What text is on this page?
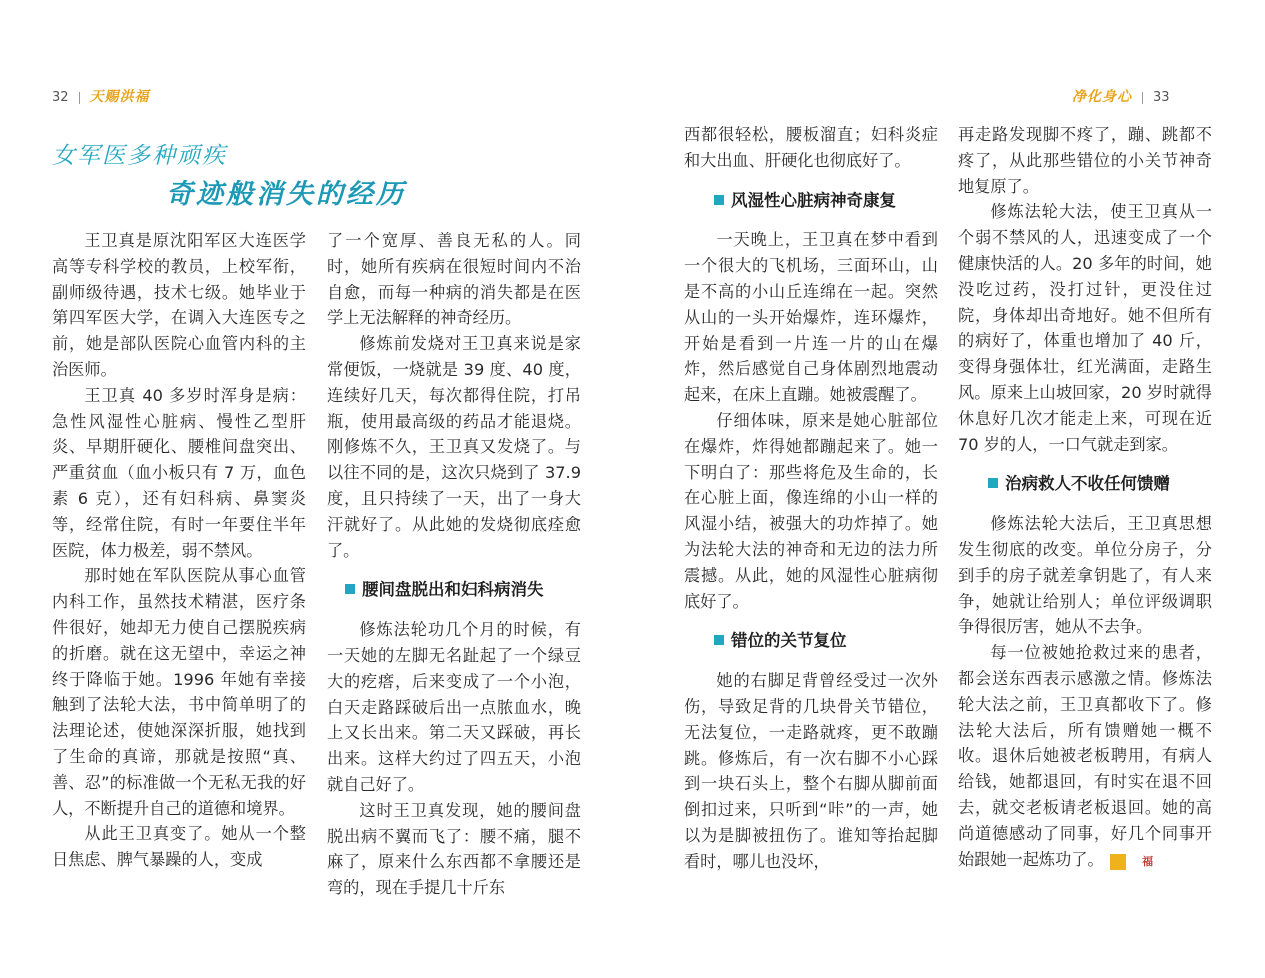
32 天赐洪福	净化身心 33
女军医多种顽疾
奇迹般消失的经历

王卫真是原沈阳军区大连医学高等专科学校的教员，上校军衔，副师级待遇，技术七级。她毕业于第四军医大学，在调入大连医专之前，她是部队医院心血管内科的主治医师。

王卫真 40 多岁时浑身是病：急性风湿性心脏病、慢性乙型肝炎、早期肝硬化、腰椎间盘突出、严重贫血（血小板只有 7 万，血色素 6 克），还有妇科病、鼻窦炎等，经常住院，有时一年要住半年医院，体力极差，弱不禁风。

那时她在军队医院从事心血管内科工作，虽然技术精湛，医疗条件很好，她却无力使自己摆脱疾病的折磨。就在这无望中，幸运之神终于降临于她。1996 年她有幸接触到了法轮大法，书中简单明了的法理论述，使她深深折服，她找到了生命的真谛，那就是按照“真、善、忍”的标准做一个无私无我的好人，不断提升自己的道德和境界。

从此王卫真变了。她从一个整日焦虑、脾气暴躁的人，变成

了一个宽厚、善良无私的人。同时，她所有疾病在很短时间内不治自愈，而每一种病的消失都是在医学上无法解释的神奇经历。

修炼前发烧对王卫真来说是家常便饭，一烧就是 39 度、40 度，连续好几天，每次都得住院，打吊瓶，使用最高级的药品才能退烧。刚修炼不久，王卫真又发烧了。与以往不同的是，这次只烧到了 37.9 度，且只持续了一天，出了一身大汗就好了。从此她的发烧彻底痊愈了。

腰间盘脱出和妇科病消失

修炼法轮功几个月的时候，有一天她的左脚无名趾起了一个绿豆大的疙瘩，后来变成了一个小泡，白天走路踩破后出一点脓血水，晚上又长出来。第二天又踩破，再长出来。这样大约过了四五天，小泡就自己好了。

这时王卫真发现，她的腰间盘脱出病不翼而飞了：腰不痛，腿不麻了，原来什么东西都不拿腰还是弯的，现在手提几十斤东

西都很轻松，腰板溜直；妇科炎症和大出血、肝硬化也彻底好了。

风湿性心脏病神奇康复

一天晚上，王卫真在梦中看到一个很大的飞机场，三面环山，山是不高的小山丘连绵在一起。突然从山的一头开始爆炸，连环爆炸，开始是看到一片连一片的山在爆炸，然后感觉自己身体剧烈地震动起来，在床上直蹦。她被震醒了。

仔细体味，原来是她心脏部位在爆炸，炸得她都蹦起来了。她一下明白了：那些将危及生命的，长在心脏上面，像连绵的小山一样的风湿小结，被强大的功炸掉了。她为法轮大法的神奇和无边的法力所震撼。从此，她的风湿性心脏病彻底好了。

错位的关节复位

她的右脚足背曾经受过一次外伤，导致足背的几块骨关节错位，无法复位，一走路就疼，更不敢蹦跳。修炼后，有一次右脚不小心踩到一块石头上，整个右脚从脚前面倒扣过来，只听到“咔”的一声，她以为是脚被扭伤了。谁知等抬起脚看时，哪儿也没坏，

再走路发现脚不疼了，蹦、跳都不疼了，从此那些错位的小关节神奇地复原了。

修炼法轮大法，使王卫真从一个弱不禁风的人，迅速变成了一个健康快活的人。20 多年的时间，她没吃过药，没打过针，更没住过院，身体却出奇地好。她不但所有的病好了，体重也增加了 40 斤，变得身强体壮，红光满面，走路生风。原来上山坡回家，20 岁时就得休息好几次才能走上来，可现在近 70 岁的人，一口气就走到家。

治病救人不收任何馈赠

修炼法轮大法后，王卫真思想发生彻底的改变。单位分房子，分到手的房子就差拿钥匙了，有人来争，她就让给别人；单位评级调职争得很厉害，她从不去争。

每一位被她抢救过来的患者，都会送东西表示感激之情。修炼法轮大法之前，王卫真都收下了。修法轮大法后，所有馈赠她一概不收。退休后她被老板聘用，有病人给钱，她都退回，有时实在退不回去，就交老板请老板退回。她的高尚道德感动了同事，好几个同事开始跟她一起炼功了。	福
